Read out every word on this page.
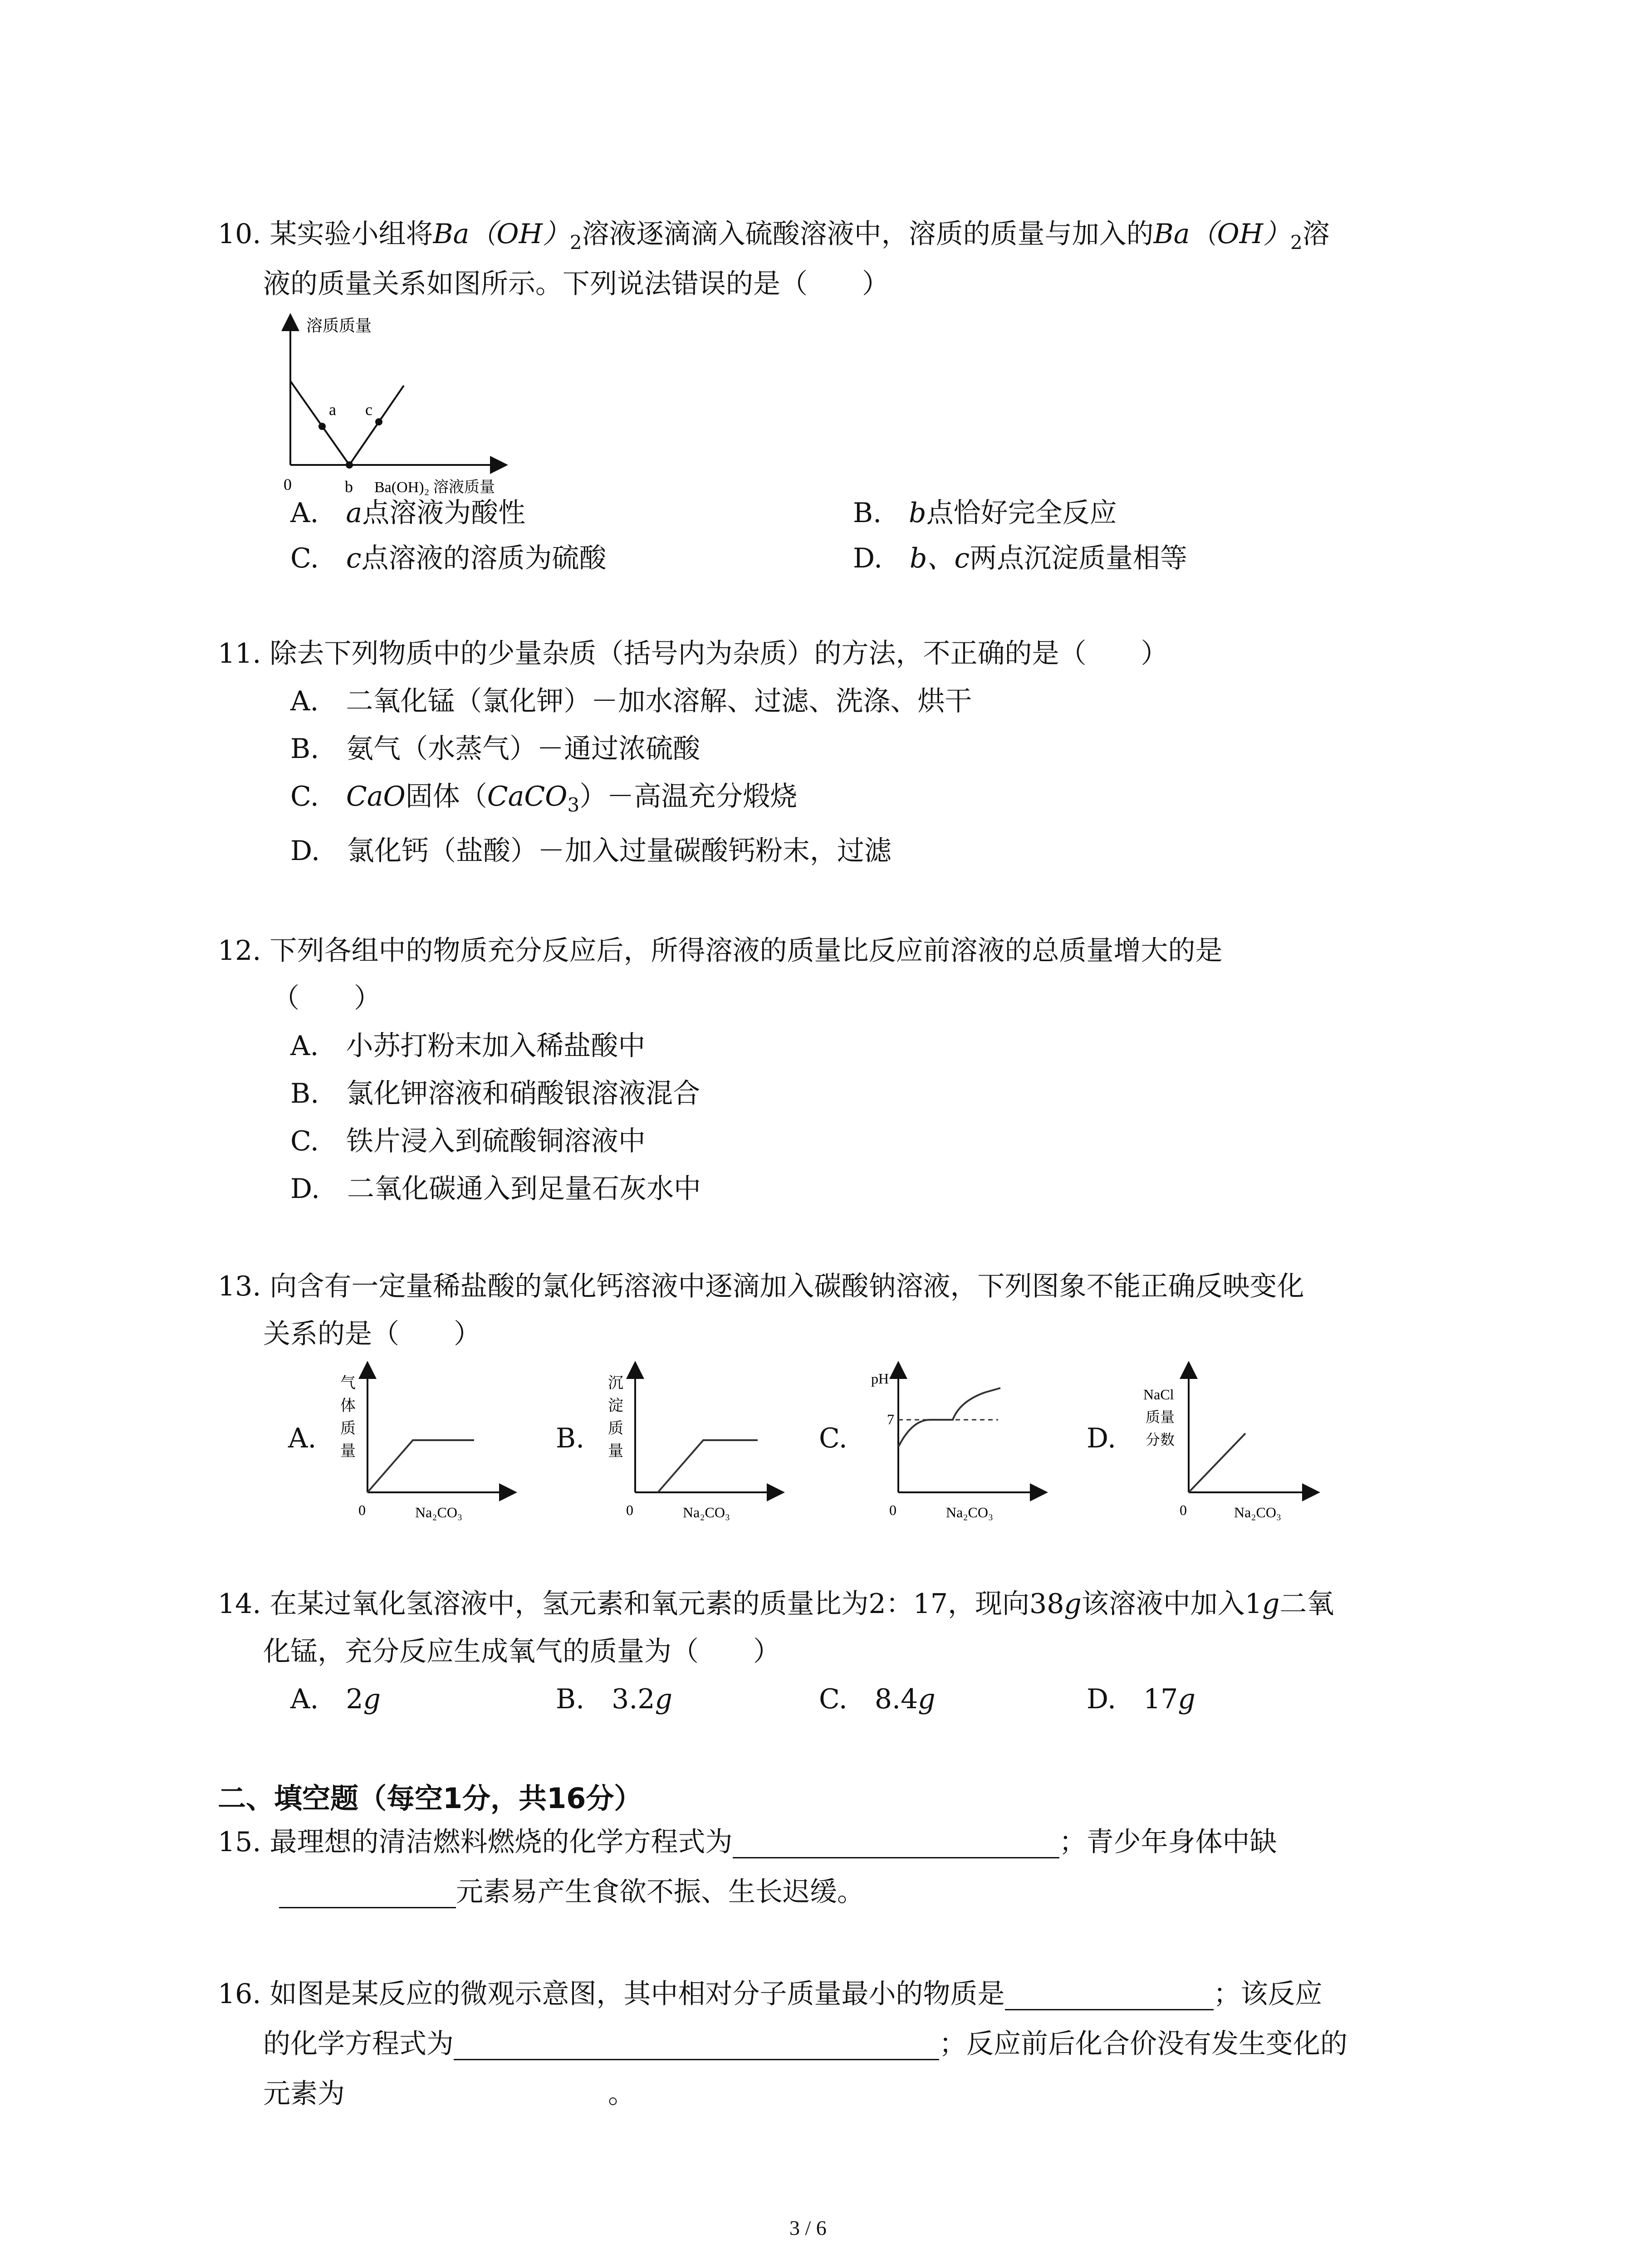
10. 某实验小组将$Ba(OH)_2$溶液逐滴滴入硫酸溶液中，溶质的质量与加入的$Ba(OH)_2$溶
液的质量关系如图所示。下列说法错误的是（　　）
溶质质量
a c
0	b Ba(OH)₂ 溶液质量
A.　 a点溶液为酸性	B.　 b点恰好完全反应
C.　 c点溶液的溶质为硫酸	D.　 b、c两点沉淀质量相等
11. 除去下列物质中的少量杂质（括号内为杂质）的方法，不正确的是（　　）
A.　二氧化锰（氯化钾）－加水溶解、过滤、洗涤、烘干
B.　氨气（水蒸气）－通过浓硫酸
C.　 CaO固体（CaCO$_3$）－高温充分煅烧
D.　氯化钙（盐酸）－加入过量碳酸钙粉末，过滤
12. 下列各组中的物质充分反应后，所得溶液的质量比反应前溶液的总质量增大的是
（　　）
A.　小苏打粉末加入稀盐酸中
B.　氯化钾溶液和硝酸银溶液混合
C.　铁片浸入到硫酸铜溶液中
D.　二氧化碳通入到足量石灰水中
13. 向含有一定量稀盐酸的氯化钙溶液中逐滴加入碳酸钠溶液，下列图象不能正确反映变化
关系的是（　　）
A.
气
体
质
量
0	Na₂CO₃
B.
沉
淀
质
量
0	Na₂CO₃
C.
pH
7
0	Na₂CO₃
D.
NaCl
质量
分数
0	Na₂CO₃
14. 在某过氧化氢溶液中，氢元素和氧元素的质量比为2：17，现向38g该溶液中加入1g二氧
化锰，充分反应生成氧气的质量为（　　）
A.　 2g	B.　 3.2g	C.　 8.4g	D.　 17g
二、填空题（每空1分，共16分）
15. 最理想的清洁燃料燃烧的化学方程式为	；青少年身体中缺
元素易产生食欲不振、生长迟缓。
16. 如图是某反应的微观示意图，其中相对分子质量最小的物质是	；该反应
的化学方程式为	；反应前后化合价没有发生变化的
元素为	。
3 / 6
